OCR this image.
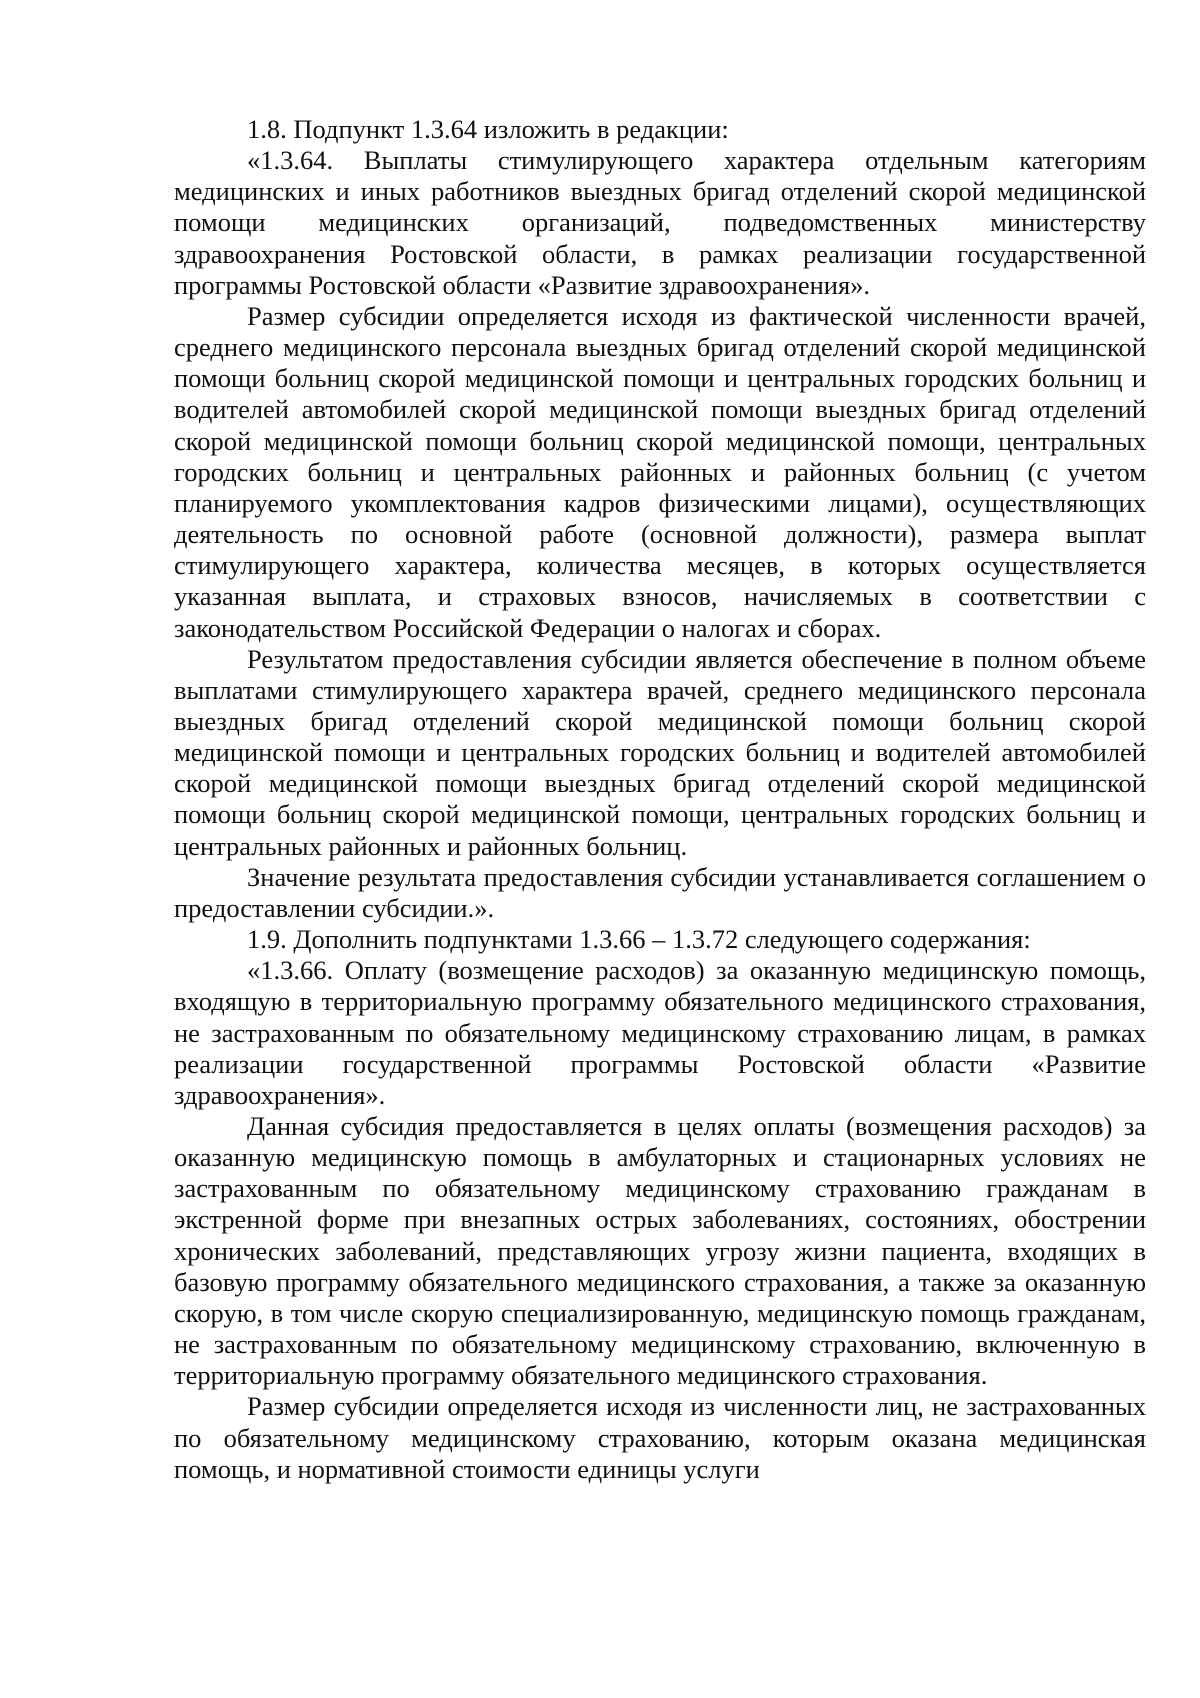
1.8. Подпункт 1.3.64 изложить в редакции:

«1.3.64. Выплаты стимулирующего характера отдельным категориям медицинских и иных работников выездных бригад отделений скорой медицинской помощи медицинских организаций, подведомственных министерству здравоохранения Ростовской области, в рамках реализации государственной программы Ростовской области «Развитие здравоохранения».

Размер субсидии определяется исходя из фактической численности врачей, среднего медицинского персонала выездных бригад отделений скорой медицинской помощи больниц скорой медицинской помощи и центральных городских больниц и водителей автомобилей скорой медицинской помощи выездных бригад отделений скорой медицинской помощи больниц скорой медицинской помощи, центральных городских больниц и центральных районных и районных больниц (с учетом планируемого укомплектования кадров физическими лицами), осуществляющих деятельность по основной работе (основной должности), размера выплат стимулирующего характера, количества месяцев, в которых осуществляется указанная выплата, и страховых взносов, начисляемых в соответствии с законодательством Российской Федерации о налогах и сборах.

Результатом предоставления субсидии является обеспечение в полном объеме выплатами стимулирующего характера врачей, среднего медицинского персонала выездных бригад отделений скорой медицинской помощи больниц скорой медицинской помощи и центральных городских больниц и водителей автомобилей скорой медицинской помощи выездных бригад отделений скорой медицинской помощи больниц скорой медицинской помощи, центральных городских больниц и центральных районных и районных больниц.

Значение результата предоставления субсидии устанавливается соглашением о предоставлении субсидии.».

1.9. Дополнить подпунктами 1.3.66 – 1.3.72 следующего содержания:

«1.3.66. Оплату (возмещение расходов) за оказанную медицинскую помощь, входящую в территориальную программу обязательного медицинского страхования, не застрахованным по обязательному медицинскому страхованию лицам, в рамках реализации государственной программы Ростовской области «Развитие здравоохранения».

Данная субсидия предоставляется в целях оплаты (возмещения расходов) за оказанную медицинскую помощь в амбулаторных и стационарных условиях не застрахованным по обязательному медицинскому страхованию гражданам в экстренной форме при внезапных острых заболеваниях, состояниях, обострении хронических заболеваний, представляющих угрозу жизни пациента, входящих в базовую программу обязательного медицинского страхования, а также за оказанную скорую, в том числе скорую специализированную, медицинскую помощь гражданам, не застрахованным по обязательному медицинскому страхованию, включенную в территориальную программу обязательного медицинского страхования.

Размер субсидии определяется исходя из численности лиц, не застрахованных по обязательному медицинскому страхованию, которым оказана медицинская помощь, и нормативной стоимости единицы услуги
